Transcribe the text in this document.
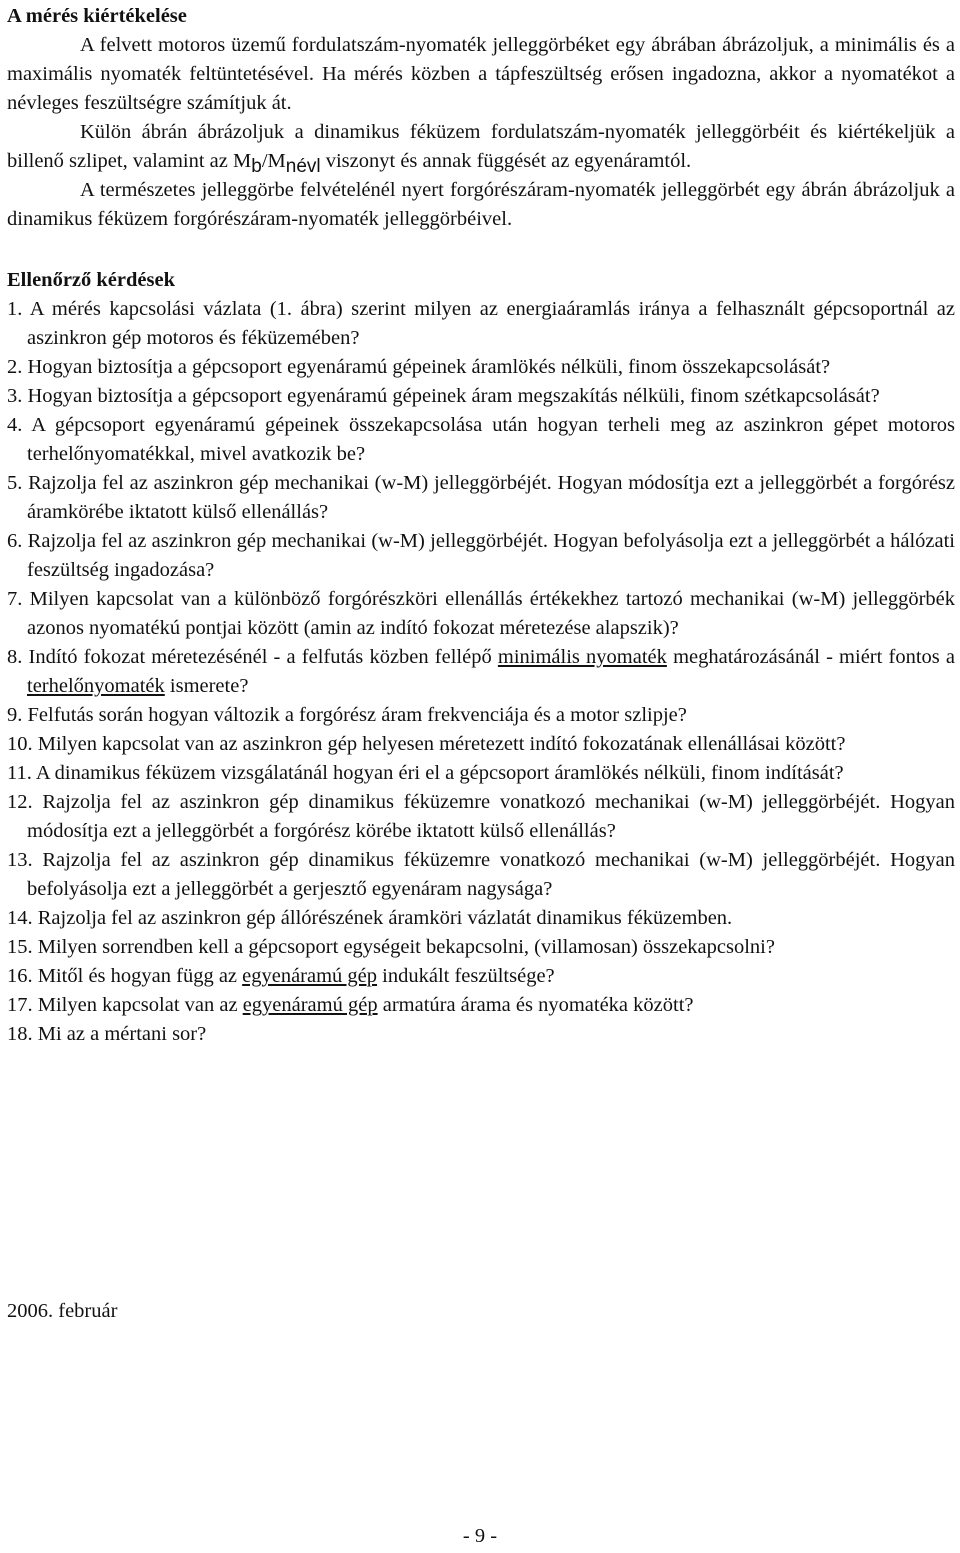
A mérés kiértékelése
A felvett motoros üzemű fordulatszám-nyomaték jelleggörbéket egy ábrában ábrázoljuk, a minimális és a maximális nyomaték feltüntetésével. Ha mérés közben a tápfeszültség erősen ingadozna, akkor a nyomatékot a névleges feszültségre számítjuk át.
Külön ábrán ábrázoljuk a dinamikus féküzem fordulatszám-nyomaték jelleggörbéit és kiértékeljük a billenő szlipet, valamint az Mb/Mnévl viszonyt és annak függését az egyenáramtól.
A természetes jelleggörbe felvételénél nyert forgórészáram-nyomaték jelleggörbét egy ábrán ábrázoljuk a dinamikus féküzem forgórészáram-nyomaték jelleggörbéivel.
Ellenőrző kérdések
1. A mérés kapcsolási vázlata (1. ábra) szerint milyen az energiaáramlás iránya a felhasznált gépcsoportnál az aszinkron gép motoros és féküzemében?
2. Hogyan biztosítja a gépcsoport egyenáramú gépeinek áramlökés nélküli, finom összekapcsolását?
3. Hogyan biztosítja a gépcsoport egyenáramú gépeinek áram megszakítás nélküli, finom szétkapcsolását?
4. A gépcsoport egyenáramú gépeinek összekapcsolása után hogyan terheli meg az aszinkron gépet motoros terhelőnyomatékkal, mivel avatkozik be?
5. Rajzolja fel az aszinkron gép mechanikai (w-M) jelleggörbéjét. Hogyan módosítja ezt a jelleggörbét a forgórész áramkörébe iktatott külső ellenállás?
6. Rajzolja fel az aszinkron gép mechanikai (w-M) jelleggörbéjét. Hogyan befolyásolja ezt a jelleggörbét a hálózati feszültség ingadozása?
7. Milyen kapcsolat van a különböző forgórészköri ellenállás értékekhez tartozó mechanikai (w-M) jelleggörbék azonos nyomatékú pontjai között (amin az indító fokozat méretezése alapszik)?
8. Indító fokozat méretezésénél - a felfutás közben fellépő minimális nyomaték meghatározásánál - miért fontos a terhelőnyomaték ismerete?
9. Felfutás során hogyan változik a forgórész áram frekvenciája és a motor szlipje?
10. Milyen kapcsolat van az aszinkron gép helyesen méretezett indító fokozatának ellenállásai között?
11. A dinamikus féküzem vizsgálatánál hogyan éri el a gépcsoport áramlökés nélküli, finom indítását?
12. Rajzolja fel az aszinkron gép dinamikus féküzemre vonatkozó mechanikai (w-M) jelleggörbéjét. Hogyan módosítja ezt a jelleggörbét a forgórész körébe iktatott külső ellenállás?
13. Rajzolja fel az aszinkron gép dinamikus féküzemre vonatkozó mechanikai (w-M) jelleggörbéjét. Hogyan befolyásolja ezt a jelleggörbét a gerjesztő egyenáram nagysága?
14. Rajzolja fel az aszinkron gép állórészének áramköri vázlatát dinamikus féküzemben.
15. Milyen sorrendben kell a gépcsoport egységeit bekapcsolni, (villamosan) összekapcsolni?
16. Mitől és hogyan függ az egyenáramú gép indukált feszültsége?
17. Milyen kapcsolat van az egyenáramú gép armatúra árama és nyomatéka között?
18. Mi az a mértani sor?
2006. február
- 9 -
